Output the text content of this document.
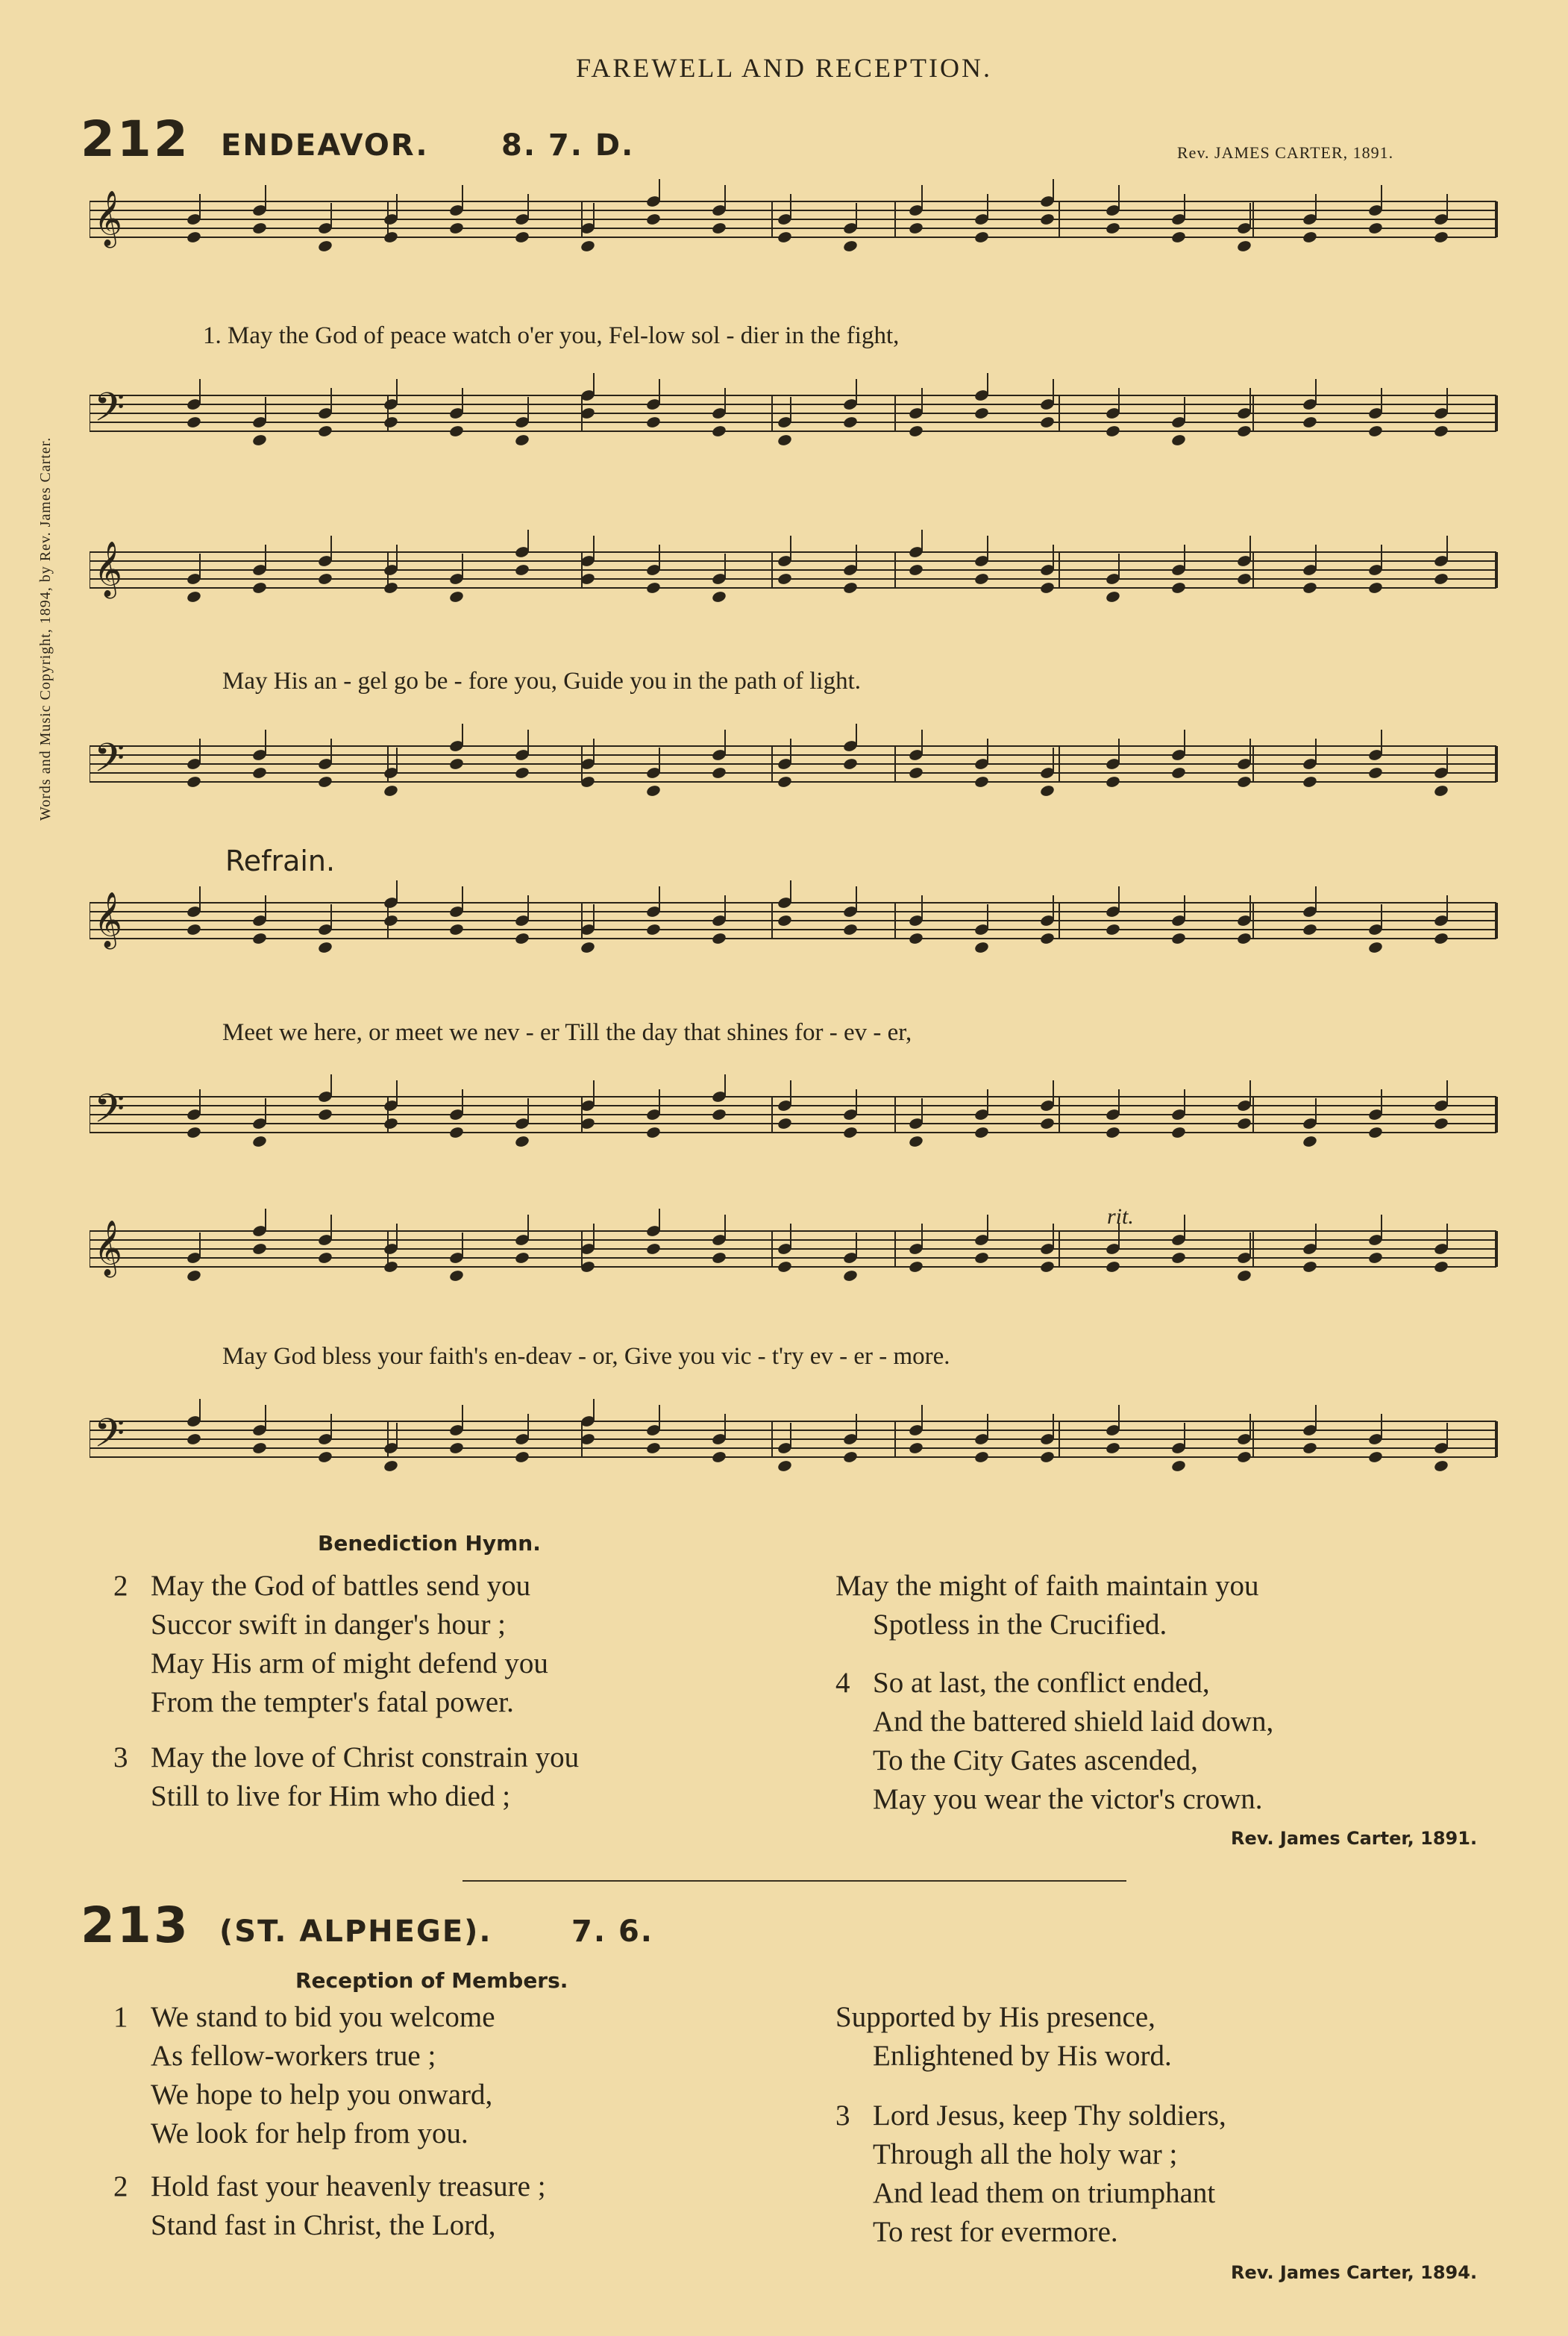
FAREWELL AND RECEPTION.
212 ENDEAVOR. 8. 7. D.	Rev. JAMES CARTER, 1891.
Words and Music Copyright, 1894, by Rev. James Carter.
𝄞
𝄢
𝄞
𝄢
𝄞
𝄢
𝄞
𝄢
1. May the God of peace watch o'er you, Fel-low sol - dier in the fight,
May His an - gel go be - fore you, Guide you in the path of light.
Refrain.
Meet we here, or meet we nev - er Till the day that shines for - ev - er,
rit.
May God bless your faith's en-deav - or, Give you vic - t'ry ev - er - more.
Benediction Hymn.
2 May the God of battles send you
Succor swift in danger's hour ;
May His arm of might defend you
From the tempter's fatal power.
3 May the love of Christ constrain you
Still to live for Him who died ;
May the might of faith maintain you
Spotless in the Crucified.
4 So at last, the conflict ended,
And the battered shield laid down,
To the City Gates ascended,
May you wear the victor's crown.
Rev. James Carter, 1891.
213 (ST. ALPHEGE).	7. 6.
Reception of Members.
1 We stand to bid you welcome
As fellow-workers true ;
We hope to help you onward,
We look for help from you.
2 Hold fast your heavenly treasure ;
Stand fast in Christ, the Lord,
Supported by His presence,
Enlightened by His word.
3 Lord Jesus, keep Thy soldiers,
Through all the holy war ;
And lead them on triumphant
To rest for evermore.
Rev. James Carter, 1894.
